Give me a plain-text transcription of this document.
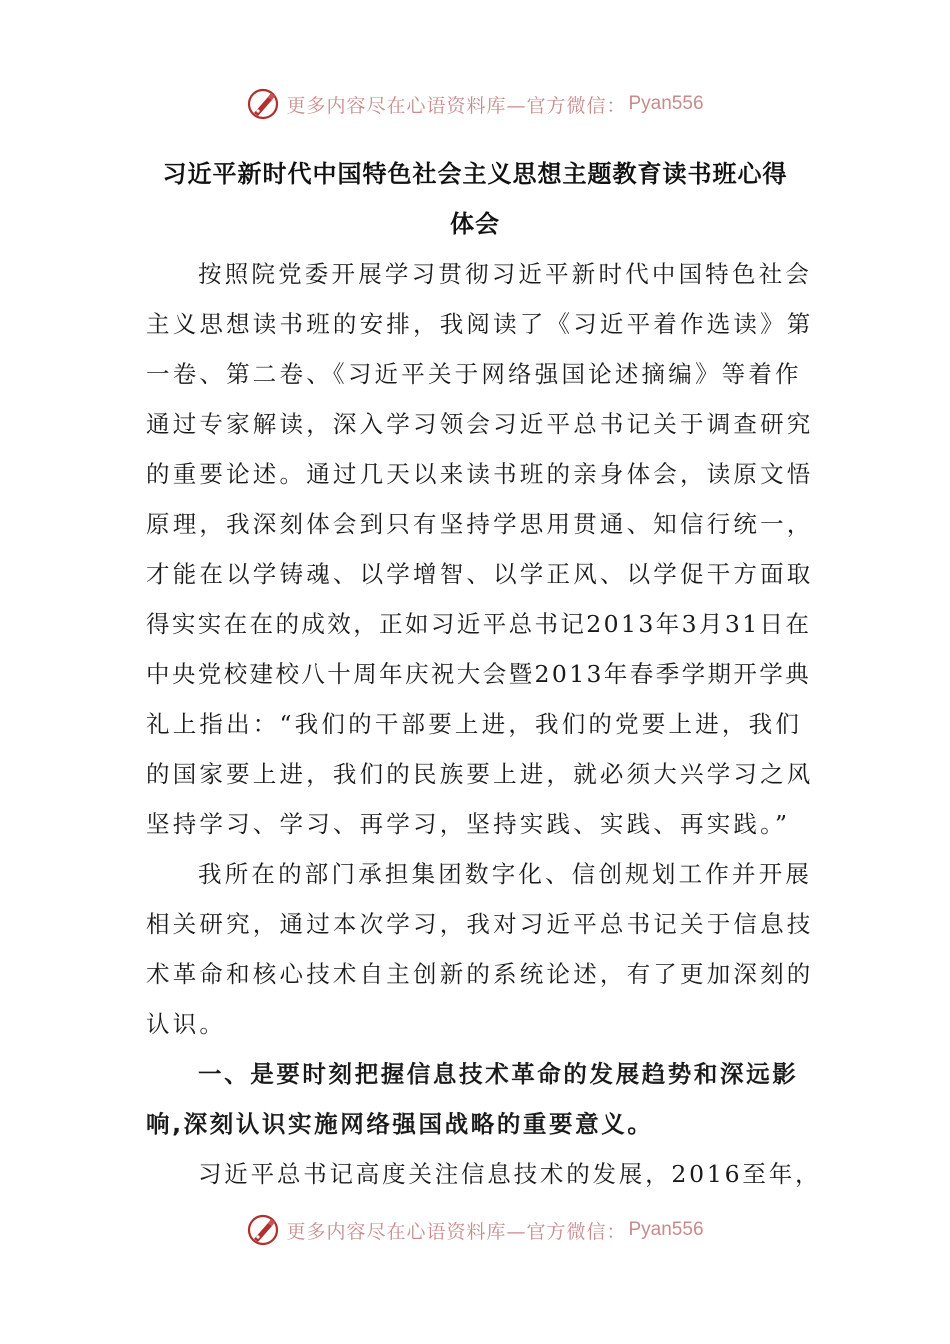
更多内容尽在心语资料库—官方微信： Pyan556
习近平新时代中国特色社会主义思想主题教育读书班心得
体会
按照院党委开展学习贯彻习近平新时代中国特色社会
主义思想读书班的安排，我阅读了《习近平着作选读》第
一卷、第二卷、《习近平关于网络强国论述摘编》等着作
通过专家解读，深入学习领会习近平总书记关于调查研究
的重要论述。通过几天以来读书班的亲身体会，读原文悟
原理，我深刻体会到只有坚持学思用贯通、知信行统一，
才能在以学铸魂、以学增智、以学正风、以学促干方面取
得实实在在的成效，正如习近平总书记2013年3月31日在
中央党校建校八十周年庆祝大会暨2013年春季学期开学典
礼上指出：“我们的干部要上进，我们的党要上进，我们
的国家要上进，我们的民族要上进，就必须大兴学习之风
坚持学习、学习、再学习，坚持实践、实践、再实践。”
我所在的部门承担集团数字化、信创规划工作并开展
相关研究，通过本次学习，我对习近平总书记关于信息技
术革命和核心技术自主创新的系统论述，有了更加深刻的
认识。
一、是要时刻把握信息技术革命的发展趋势和深远影
响,深刻认识实施网络强国战略的重要意义。
习近平总书记高度关注信息技术的发展，2016至年，
更多内容尽在心语资料库—官方微信： Pyan556
